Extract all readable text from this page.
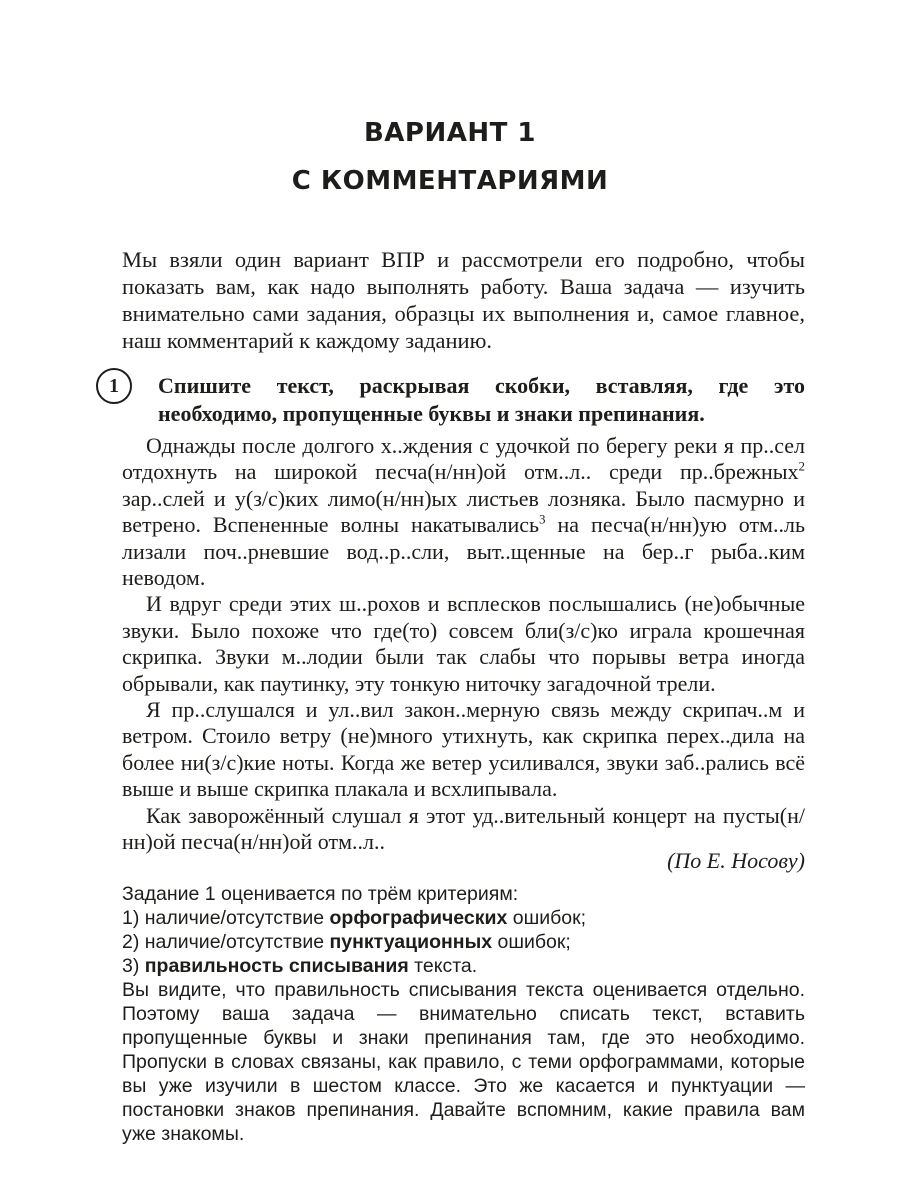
ВАРИАНТ 1
С КОММЕНТАРИЯМИ

Мы взяли один вариант ВПР и рассмотрели его подробно, чтобы показать вам, как надо выполнять работу. Ваша задача — изучить внимательно сами задания, образцы их выполнения и, самое главное, наш комментарий к каждому заданию.

1	Спишите текст, раскрывая скобки, вставляя, где это необходимо, пропущенные буквы и знаки препинания.

Однажды после долгого х..ждения с удочкой по берегу реки я пр..сел отдохнуть на широкой песча(н/нн)ой отм..л.. среди пр..брежных$^2$ зар..слей и у(з/с)ких лимо(н/нн)ых листьев лозняка. Было пасмурно и ветрено. Вспененные волны накатывались$^3$ на песча(н/нн)ую отм..ль лизали поч..рневшие вод..р..сли, выт..щенные на бер..г рыба..ким неводом.

И вдруг среди этих ш..рохов и всплесков послышались (не)обычные звуки. Было похоже что где(то) совсем бли(з/с)ко играла крошечная скрипка. Звуки м..лодии были так слабы что порывы ветра иногда обрывали, как паутинку, эту тонкую ниточку загадочной трели.

Я пр..слушался и ул..вил закон..мерную связь между скрипач..м и ветром. Стоило ветру (не)много утихнуть, как скрипка перех..дила на более ни(з/с)кие ноты. Когда же ветер усиливался, звуки заб..рались всё выше и выше скрипка плакала и всхлипывала.

Как заворожённый слушал я этот уд..вительный концерт на пусты(н/нн)ой песча(н/нн)ой отм..л..

(По Е. Носову)

Задание 1 оценивается по трём критериям:
1) наличие/отсутствие орфографических ошибок;
2) наличие/отсутствие пунктуационных ошибок;
3) правильность списывания текста.

Вы видите, что правильность списывания текста оценивается отдельно. Поэтому ваша задача — внимательно списать текст, вставить пропущенные буквы и знаки препинания там, где это необходимо. Пропуски в словах связаны, как правило, с теми орфограммами, которые вы уже изучили в шестом классе. Это же касается и пунктуации — постановки знаков препинания. Давайте вспомним, какие правила вам уже знакомы.
